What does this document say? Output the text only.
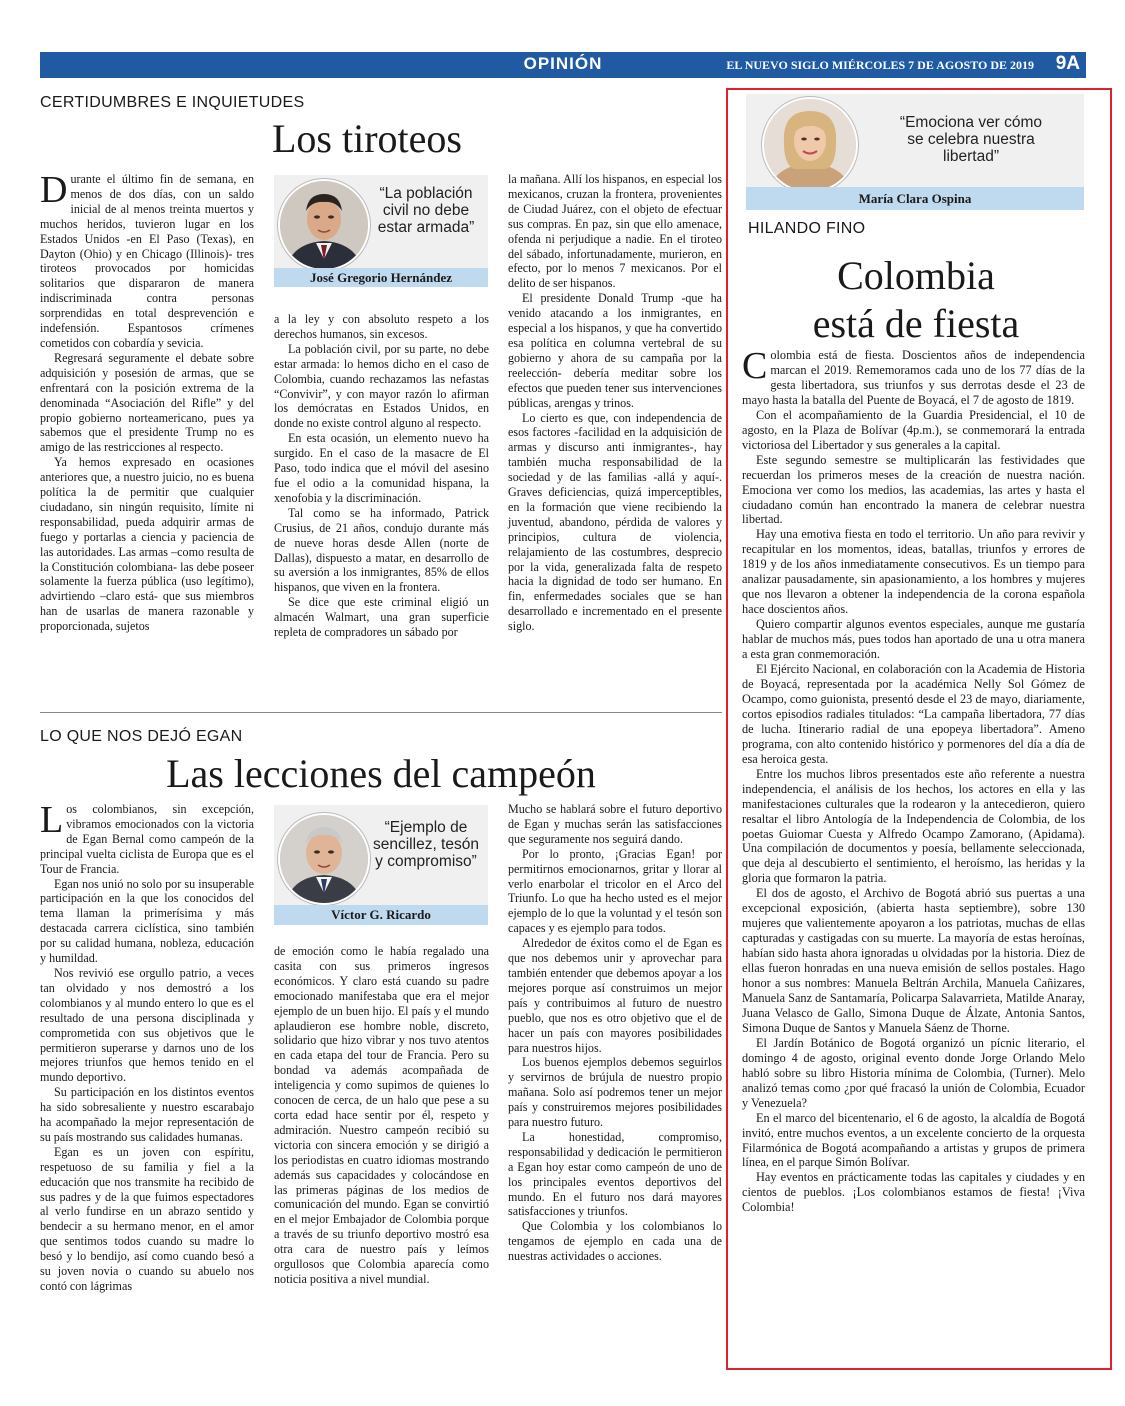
OPINIÓN	EL NUEVO SIGLO MIÉRCOLES 7 DE AGOSTO DE 2019 9A
CERTIDUMBRES E INQUIETUDES
Los tiroteos
D urante el último fin de semana, en menos de dos días, con un saldo inicial de al menos treinta muertos y muchos heridos, tuvieron lugar en los Estados Unidos -en El Paso (Texas), en Dayton (Ohio) y en Chicago (Illinois)- tres tiroteos provocados por homicidas solitarios que dispararon de manera indiscriminada contra personas sorprendidas en total desprevención e indefensión. Espantosos crímenes cometidos con cobardía y sevicia.

Regresará seguramente el debate sobre adquisición y posesión de armas, que se enfrentará con la posición extrema de la denominada “Asociación del Rifle” y del propio gobierno norteamericano, pues ya sabemos que el presidente Trump no es amigo de las restricciones al respecto.

Ya hemos expresado en ocasiones anteriores que, a nuestro juicio, no es buena política la de permitir que cualquier ciudadano, sin ningún requisito, límite ni responsabilidad, pueda adquirir armas de fuego y portarlas a ciencia y paciencia de las autoridades. Las armas –como resulta de la Constitución colombiana- las debe poseer solamente la fuerza pública (uso legítimo), advirtiendo –claro está- que sus miembros han de usarlas de manera razonable y proporcionada, sujetos

“La población civil no debe estar armada”
José Gregorio Hernández

a la ley y con absoluto respeto a los derechos humanos, sin excesos.

La población civil, por su parte, no debe estar armada: lo hemos dicho en el caso de Colombia, cuando rechazamos las nefastas “Convivir”, y con mayor razón lo afirman los demócratas en Estados Unidos, en donde no existe control alguno al respecto.

En esta ocasión, un elemento nuevo ha surgido. En el caso de la masacre de El Paso, todo indica que el móvil del asesino fue el odio a la comunidad hispana, la xenofobia y la discriminación.

Tal como se ha informado, Patrick Crusius, de 21 años, condujo durante más de nueve horas desde Allen (norte de Dallas), dispuesto a matar, en desarrollo de su aversión a los inmigrantes, 85% de ellos hispanos, que viven en la frontera.

Se dice que este criminal eligió un almacén Walmart, una gran superficie repleta de compradores un sábado por

la mañana. Allí los hispanos, en especial los mexicanos, cruzan la frontera, provenientes de Ciudad Juárez, con el objeto de efectuar sus compras. En paz, sin que ello amenace, ofenda ni perjudique a nadie. En el tiroteo del sábado, infortunadamente, murieron, en efecto, por lo menos 7 mexicanos. Por el delito de ser hispanos.

El presidente Donald Trump -que ha venido atacando a los inmigrantes, en especial a los hispanos, y que ha convertido esa política en columna vertebral de su gobierno y ahora de su campaña por la reelección- debería meditar sobre los efectos que pueden tener sus intervenciones públicas, arengas y trinos.

Lo cierto es que, con independencia de esos factores -facilidad en la adquisición de armas y discurso anti inmigrantes-, hay también mucha responsabilidad de la sociedad y de las familias -allá y aquí-. Graves deficiencias, quizá imperceptibles, en la formación que viene recibiendo la juventud, abandono, pérdida de valores y principios, cultura de violencia, relajamiento de las costumbres, desprecio por la vida, generalizada falta de respeto hacia la dignidad de todo ser humano. En fin, enfermedades sociales que se han desarrollado e incrementado en el presente siglo.

LO QUE NOS DEJÓ EGAN
Las lecciones del campeón
L os colombianos, sin excepción, vibramos emocionados con la victoria de Egan Bernal como campeón de la principal vuelta ciclista de Europa que es el Tour de Francia.

Egan nos unió no solo por su insuperable participación en la que los conocidos del tema llaman la primerísima y más destacada carrera ciclística, sino también por su calidad humana, nobleza, educación y humildad.

Nos revivió ese orgullo patrio, a veces tan olvidado y nos demostró a los colombianos y al mundo entero lo que es el resultado de una persona disciplinada y comprometida con sus objetivos que le permitieron superarse y darnos uno de los mejores triunfos que hemos tenido en el mundo deportivo.

Su participación en los distintos eventos ha sido sobresaliente y nuestro escarabajo ha acompañado la mejor representación de su país mostrando sus calidades humanas.

Egan es un joven con espíritu, respetuoso de su familia y fiel a la educación que nos transmite ha recibido de sus padres y de la que fuimos espectadores al verlo fundirse en un abrazo sentido y bendecir a su hermano menor, en el amor que sentimos todos cuando su madre lo besó y lo bendijo, así como cuando besó a su joven novia o cuando su abuelo nos contó con lágrimas

“Ejemplo de sencillez, tesón y compromiso”
Víctor G. Ricardo

de emoción como le había regalado una casita con sus primeros ingresos económicos. Y claro está cuando su padre emocionado manifestaba que era el mejor ejemplo de un buen hijo. El país y el mundo aplaudieron ese hombre noble, discreto, solidario que hizo vibrar y nos tuvo atentos en cada etapa del tour de Francia. Pero su bondad va además acompañada de inteligencia y como supimos de quienes lo conocen de cerca, de un halo que pese a su corta edad hace sentir por él, respeto y admiración. Nuestro campeón recibió su victoria con sincera emoción y se dirigió a los periodistas en cuatro idiomas mostrando además sus capacidades y colocándose en las primeras páginas de los medios de comunicación del mundo. Egan se convirtió en el mejor Embajador de Colombia porque a través de su triunfo deportivo mostró esa otra cara de nuestro país y leímos orgullosos que Colombia aparecía como noticia positiva a nivel mundial.

Mucho se hablará sobre el futuro deportivo de Egan y muchas serán las satisfacciones que seguramente nos seguirá dando.

Por lo pronto, ¡Gracias Egan! por permitirnos emocionarnos, gritar y llorar al verlo enarbolar el tricolor en el Arco del Triunfo. Lo que ha hecho usted es el mejor ejemplo de lo que la voluntad y el tesón son capaces y es ejemplo para todos.

Alrededor de éxitos como el de Egan es que nos debemos unir y aprovechar para también entender que debemos apoyar a los mejores porque así construimos un mejor país y contribuimos al futuro de nuestro pueblo, que nos es otro objetivo que el de hacer un país con mayores posibilidades para nuestros hijos.

Los buenos ejemplos debemos seguirlos y servirnos de brújula de nuestro propio mañana. Solo así podremos tener un mejor país y construiremos mejores posibilidades para nuestro futuro.

La honestidad, compromiso, responsabilidad y dedicación le permitieron a Egan hoy estar como campeón de uno de los principales eventos deportivos del mundo. En el futuro nos dará mayores satisfacciones y triunfos.

Que Colombia y los colombianos lo tengamos de ejemplo en cada una de nuestras actividades o acciones.

“Emociona ver cómo se celebra nuestra libertad”
María Clara Ospina
HILANDO FINO
Colombia
está de fiesta
C olombia está de fiesta. Doscientos años de independencia marcan el 2019. Rememoramos cada uno de los 77 días de la gesta libertadora, sus triunfos y sus derrotas desde el 23 de mayo hasta la batalla del Puente de Boyacá, el 7 de agosto de 1819.

Con el acompañamiento de la Guardia Presidencial, el 10 de agosto, en la Plaza de Bolívar (4p.m.), se conmemorará la entrada victoriosa del Libertador y sus generales a la capital.

Este segundo semestre se multiplicarán las festividades que recuerdan los primeros meses de la creación de nuestra nación. Emociona ver como los medios, las academias, las artes y hasta el ciudadano común han encontrado la manera de celebrar nuestra libertad.

Hay una emotiva fiesta en todo el territorio. Un año para revivir y recapitular en los momentos, ideas, batallas, triunfos y errores de 1819 y de los años inmediatamente consecutivos. Es un tiempo para analizar pausadamente, sin apasionamiento, a los hombres y mujeres que nos llevaron a obtener la independencia de la corona española hace doscientos años.

Quiero compartir algunos eventos especiales, aunque me gustaría hablar de muchos más, pues todos han aportado de una u otra manera a esta gran conmemoración.

El Ejército Nacional, en colaboración con la Academia de Historia de Boyacá, representada por la académica Nelly Sol Gómez de Ocampo, como guionista, presentó desde el 23 de mayo, diariamente, cortos episodios radiales titulados: “La campaña libertadora, 77 días de lucha. Itinerario radial de una epopeya libertadora”. Ameno programa, con alto contenido histórico y pormenores del día a día de esa heroica gesta.

Entre los muchos libros presentados este año referente a nuestra independencia, el análisis de los hechos, los actores en ella y las manifestaciones culturales que la rodearon y la antecedieron, quiero resaltar el libro Antología de la Independencia de Colombia, de los poetas Guiomar Cuesta y Alfredo Ocampo Zamorano, (Apidama). Una compilación de documentos y poesía, bellamente seleccionada, que deja al descubierto el sentimiento, el heroísmo, las heridas y la gloria que formaron la patria.

El dos de agosto, el Archivo de Bogotá abrió sus puertas a una excepcional exposición, (abierta hasta septiembre), sobre 130 mujeres que valientemente apoyaron a los patriotas, muchas de ellas capturadas y castigadas con su muerte. La mayoría de estas heroínas, habían sido hasta ahora ignoradas u olvidadas por la historia. Diez de ellas fueron honradas en una nueva emisión de sellos postales. Hago honor a sus nombres: Manuela Beltrán Archila, Manuela Cañizares, Manuela Sanz de Santamaría, Policarpa Salavarrieta, Matilde Anaray, Juana Velasco de Gallo, Simona Duque de Álzate, Antonia Santos, Simona Duque de Santos y Manuela Sáenz de Thorne.

El Jardín Botánico de Bogotá organizó un pícnic literario, el domingo 4 de agosto, original evento donde Jorge Orlando Melo habló sobre su libro Historia mínima de Colombia, (Turner). Melo analizó temas como ¿por qué fracasó la unión de Colombia, Ecuador y Venezuela?

En el marco del bicentenario, el 6 de agosto, la alcaldía de Bogotá invitó, entre muchos eventos, a un excelente concierto de la orquesta Filarmónica de Bogotá acompañando a artistas y grupos de primera línea, en el parque Simón Bolívar.

Hay eventos en prácticamente todas las capitales y ciudades y en cientos de pueblos. ¡Los colombianos estamos de fiesta! ¡Viva Colombia!
